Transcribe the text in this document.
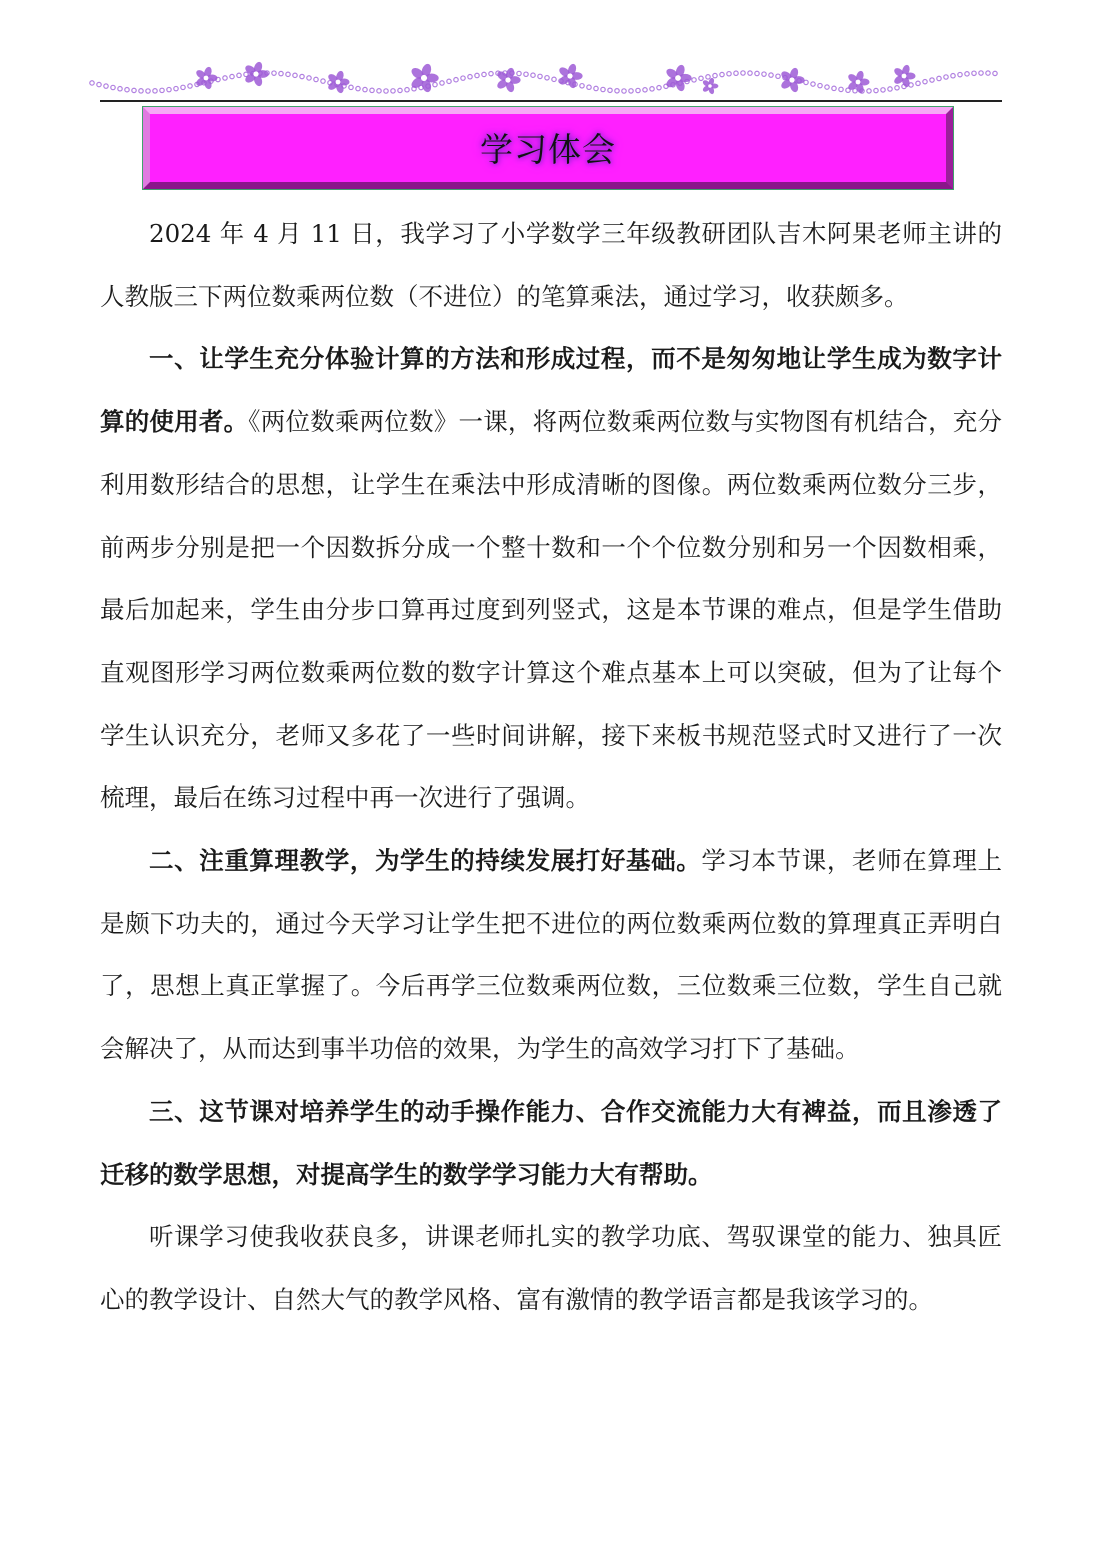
学习体会

2024 年 4 月 11 日，我学习了小学数学三年级教研团队吉木阿果老师主讲的人教版三下两位数乘两位数（不进位）的笔算乘法，通过学习，收获颇多。

一、让学生充分体验计算的方法和形成过程，而不是匆匆地让学生成为数字计算的使用者。《两位数乘两位数》一课，将两位数乘两位数与实物图有机结合，充分利用数形结合的思想，让学生在乘法中形成清晰的图像。两位数乘两位数分三步，前两步分别是把一个因数拆分成一个整十数和一个个位数分别和另一个因数相乘，最后加起来，学生由分步口算再过度到列竖式，这是本节课的难点，但是学生借助直观图形学习两位数乘两位数的数字计算这个难点基本上可以突破，但为了让每个学生认识充分，老师又多花了一些时间讲解，接下来板书规范竖式时又进行了一次梳理，最后在练习过程中再一次进行了强调。

二、注重算理教学，为学生的持续发展打好基础。学习本节课，老师在算理上是颇下功夫的，通过今天学习让学生把不进位的两位数乘两位数的算理真正弄明白了，思想上真正掌握了。今后再学三位数乘两位数，三位数乘三位数，学生自己就会解决了，从而达到事半功倍的效果，为学生的高效学习打下了基础。

三、这节课对培养学生的动手操作能力、合作交流能力大有裨益，而且渗透了迁移的数学思想，对提高学生的数学学习能力大有帮助。

听课学习使我收获良多，讲课老师扎实的教学功底、驾驭课堂的能力、独具匠心的教学设计、自然大气的教学风格、富有激情的教学语言都是我该学习的。
